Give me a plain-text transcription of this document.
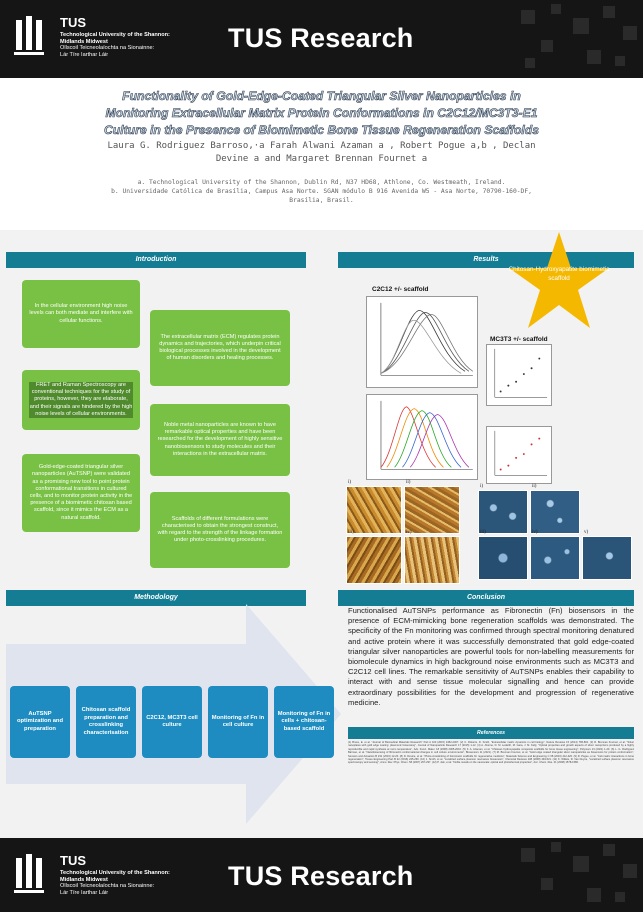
TUS
Technological University of the Shannon:
Midlands Midwest
Ollscoil Teicneolaíochta na Sionainne:
Lár Tíre Iarthar Láir
TUS Research
Functionality of Gold-Edge-Coated Triangular Silver Nanoparticles in
Monitoring Extracellular Matrix Protein Conformations in C2C12/MC3T3-E1
Culture in the Presence of Biomimetic Bone Tissue Regeneration Scaffolds
Laura G. Rodriguez Barroso,·a Farah Alwani Azaman a , Robert Pogue a,b , Declan
Devine a and Margaret Brennan Fournet a
a. Technological University of the Shannon, Dublin Rd, N37 HD68, Athlone, Co. Westmeath, Ireland.
b. Universidade Católica de Brasília, Campus Asa Norte. SGAN módulo B 916 Avenida W5 - Asa Norte, 70790-160-DF,
Brasília, Brasil.
Introduction
In the cellular environment high noise levels can both mediate and interfere with cellular functions.
The extracellular matrix (ECM) regulates protein dynamics and trajectories, which underpin critical biological processes involved in the development of human disorders and healing processes.
FRET and Raman Spectroscopy are conventional techniques for the study of proteins, however, they are elaborate, and their signals are hindered by the high noise levels of cellular environments.
Noble metal nanoparticles are known to have remarkable optical properties and have been researched for the development of highly sensitive nanobiosensors to study molecules and their interactions in the extracellular matrix.
Gold-edge-coated triangular silver nanoparticles (AuTSNP) were validated as a promising new tool to point protein conformational transitions in cultured cells, and to monitor protein activity in the presence of a biomimetic chitosan based scaffold, since it mimics the ECM as a natural scaffold.	Scaffolds of different formulations were characterised to obtain the strongest construct, with regard to the strength of the linkage formation under photo-crosslinking procedures.
Results
Chitosan-Hydroxyapatite biomimetic scaffold
C2C12 +/- scaffold
MC3T3 +/- scaffold
i)	ii)
iii)	iv)
i)	ii)
iii)	iv)	v)
Methodology
AuTSNP optimization and preparation
Chitosan scaffold preparation and crosslinking characterisation
C2C12, MC3T3 cell culture
Monitoring of Fn in cell culture
Monitoring of Fn in cells + chitosan-based scaffold
Conclusion
Functionalised AuTSNPs performance as Fibronectin (Fn) biosensors in the presence of ECM-mimicking bone regeneration scaffolds was demonstrated. The specificity of the Fn monitoring was confirmed through spectral monitoring denatured and active protein where it was successfully demonstrated that gold edge-coated triangular silver nanoparticles are powerful tools for non-labelling measurements for biomolecule dynamics in high background noise environments such as MC3T3 and C2C12 cell lines. The remarkable sensitivity of AuTSNPs enables their capability to interact with and sense tissue molecular signalling and hence can provide extraordinary possibilities for the development and progression of regenerative medicine.
References
(1) Bruce, E. et al. "Journal of Biomedical Materials Research" Part A 103 (2015) 2452-2467. (2) C. Roberts, D. Smith, "Extracellular matrix dynamics in cell biology", Nature Reviews 15 (2014) 786-801. (3) R. Brennan Fournet, et al. "Silver nanoplates with gold edge coating: plasmonic biosensing", Journal of Nanoparticle Research 17 (2015) 1-12. (4) A. Aherne, D. M. Ledwith, M. Gara, J. M. Kelly, "Optical properties and growth aspects of silver nanoprisms produced by a highly reproducible and rapid synthesis at room temperature", Adv. Funct. Mater. 18 (2008) 2005-2016. (5) F. A. Azaman, et al. "Chitosan hydroxyapatite composite scaffolds for bone tissue engineering", Polymers 13 (2021) 1-20. (6) L. G. Rodriguez Barroso, et al. "Nanobiosensing of fibronectin conformational changes in cell culture environments", Biosensors 11 (2021). (7) M. Brennan Fournet, et al. "Gold edge coated triangular silver nanoparticles as biosensors for protein conformation", Sensors and Actuators B 231 (2016) 12-20. (8) D. Devine, et al. "Photo-crosslinking of biomimetic scaffolds for regenerative medicine", Materials Science and Engineering C 68 (2016) 412-420. (9) R. Pogue, et al. "Cell-matrix interactions in bone regeneration", Tissue Engineering Part B 22 (2016) 245-260. (10) J. Smith, et al. "Localized surface plasmon resonance biosensors", Chemical Reviews 108 (2008) 494-521. (11) K. Willets, R. Van Duyne, "Localized surface plasmon resonance spectroscopy and sensing", Annu. Rev. Phys. Chem. 58 (2007) 267-297. (12) P. Jain, et al. "Noble metals on the nanoscale: optical and photothermal properties", Acc. Chem. Res. 41 (2008) 1578-1586.
TUS
Technological University of the Shannon:
Midlands Midwest
Ollscoil Teicneolaíochta na Sionainne:
Lár Tíre Iarthar Láir
TUS Research
